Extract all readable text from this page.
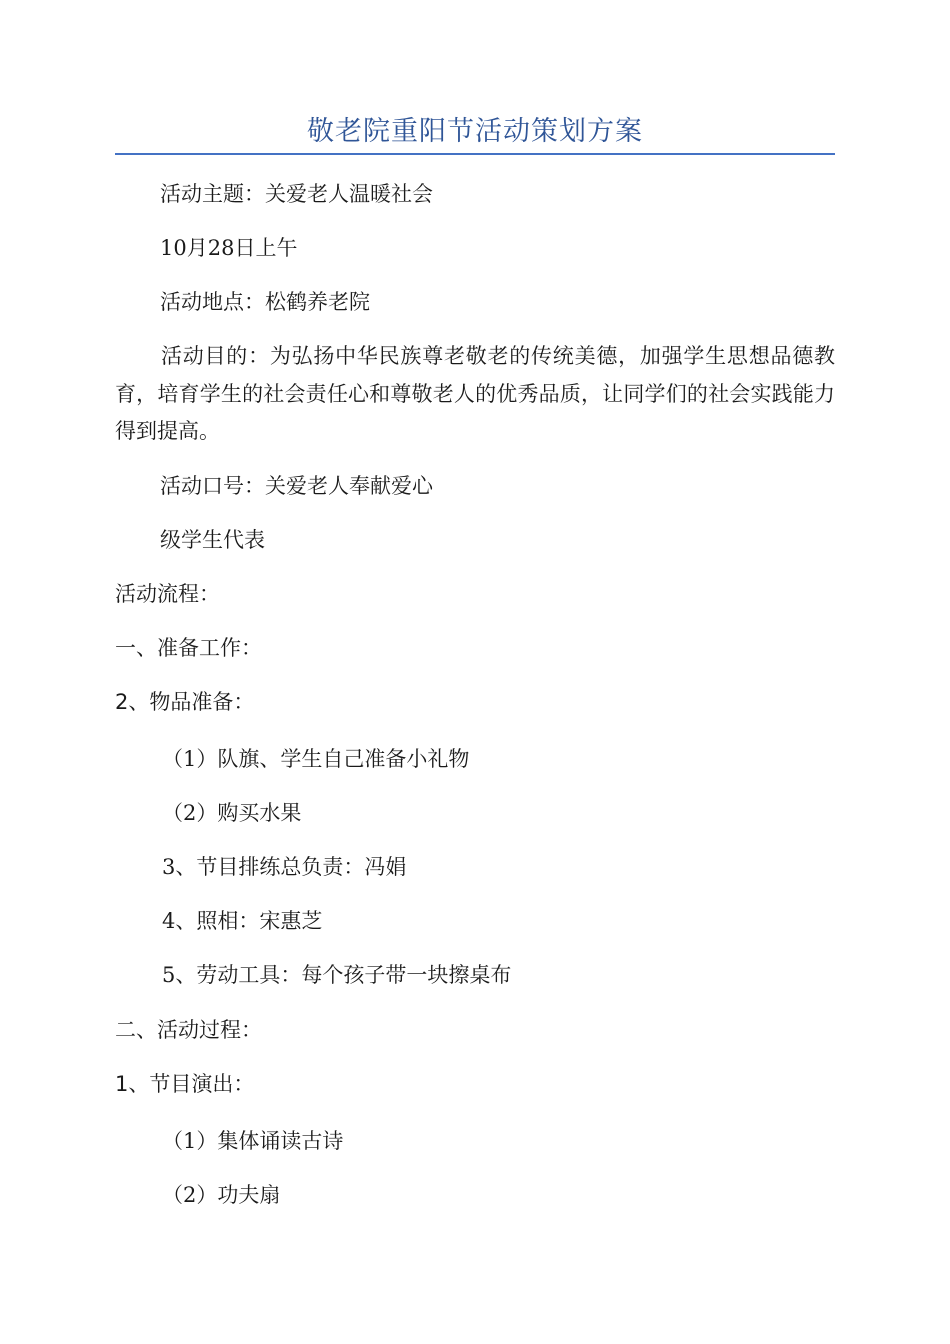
敬老院重阳节活动策划方案
活动主题：关爱老人温暖社会
10月28日上午
活动地点：松鹤养老院
活动目的：为弘扬中华民族尊老敬老的传统美德，加强学生思想品德教育，培育学生的社会责任心和尊敬老人的优秀品质，让同学们的社会实践能力得到提高。
活动口号：关爱老人奉献爱心
级学生代表
活动流程：
一、准备工作：
2、物品准备：
（1）队旗、学生自己准备小礼物
（2）购买水果
3、节目排练总负责：冯娟
4、照相：宋惠芝
5、劳动工具：每个孩子带一块擦桌布
二、活动过程：
1、节目演出：
（1）集体诵读古诗
（2）功夫扇
